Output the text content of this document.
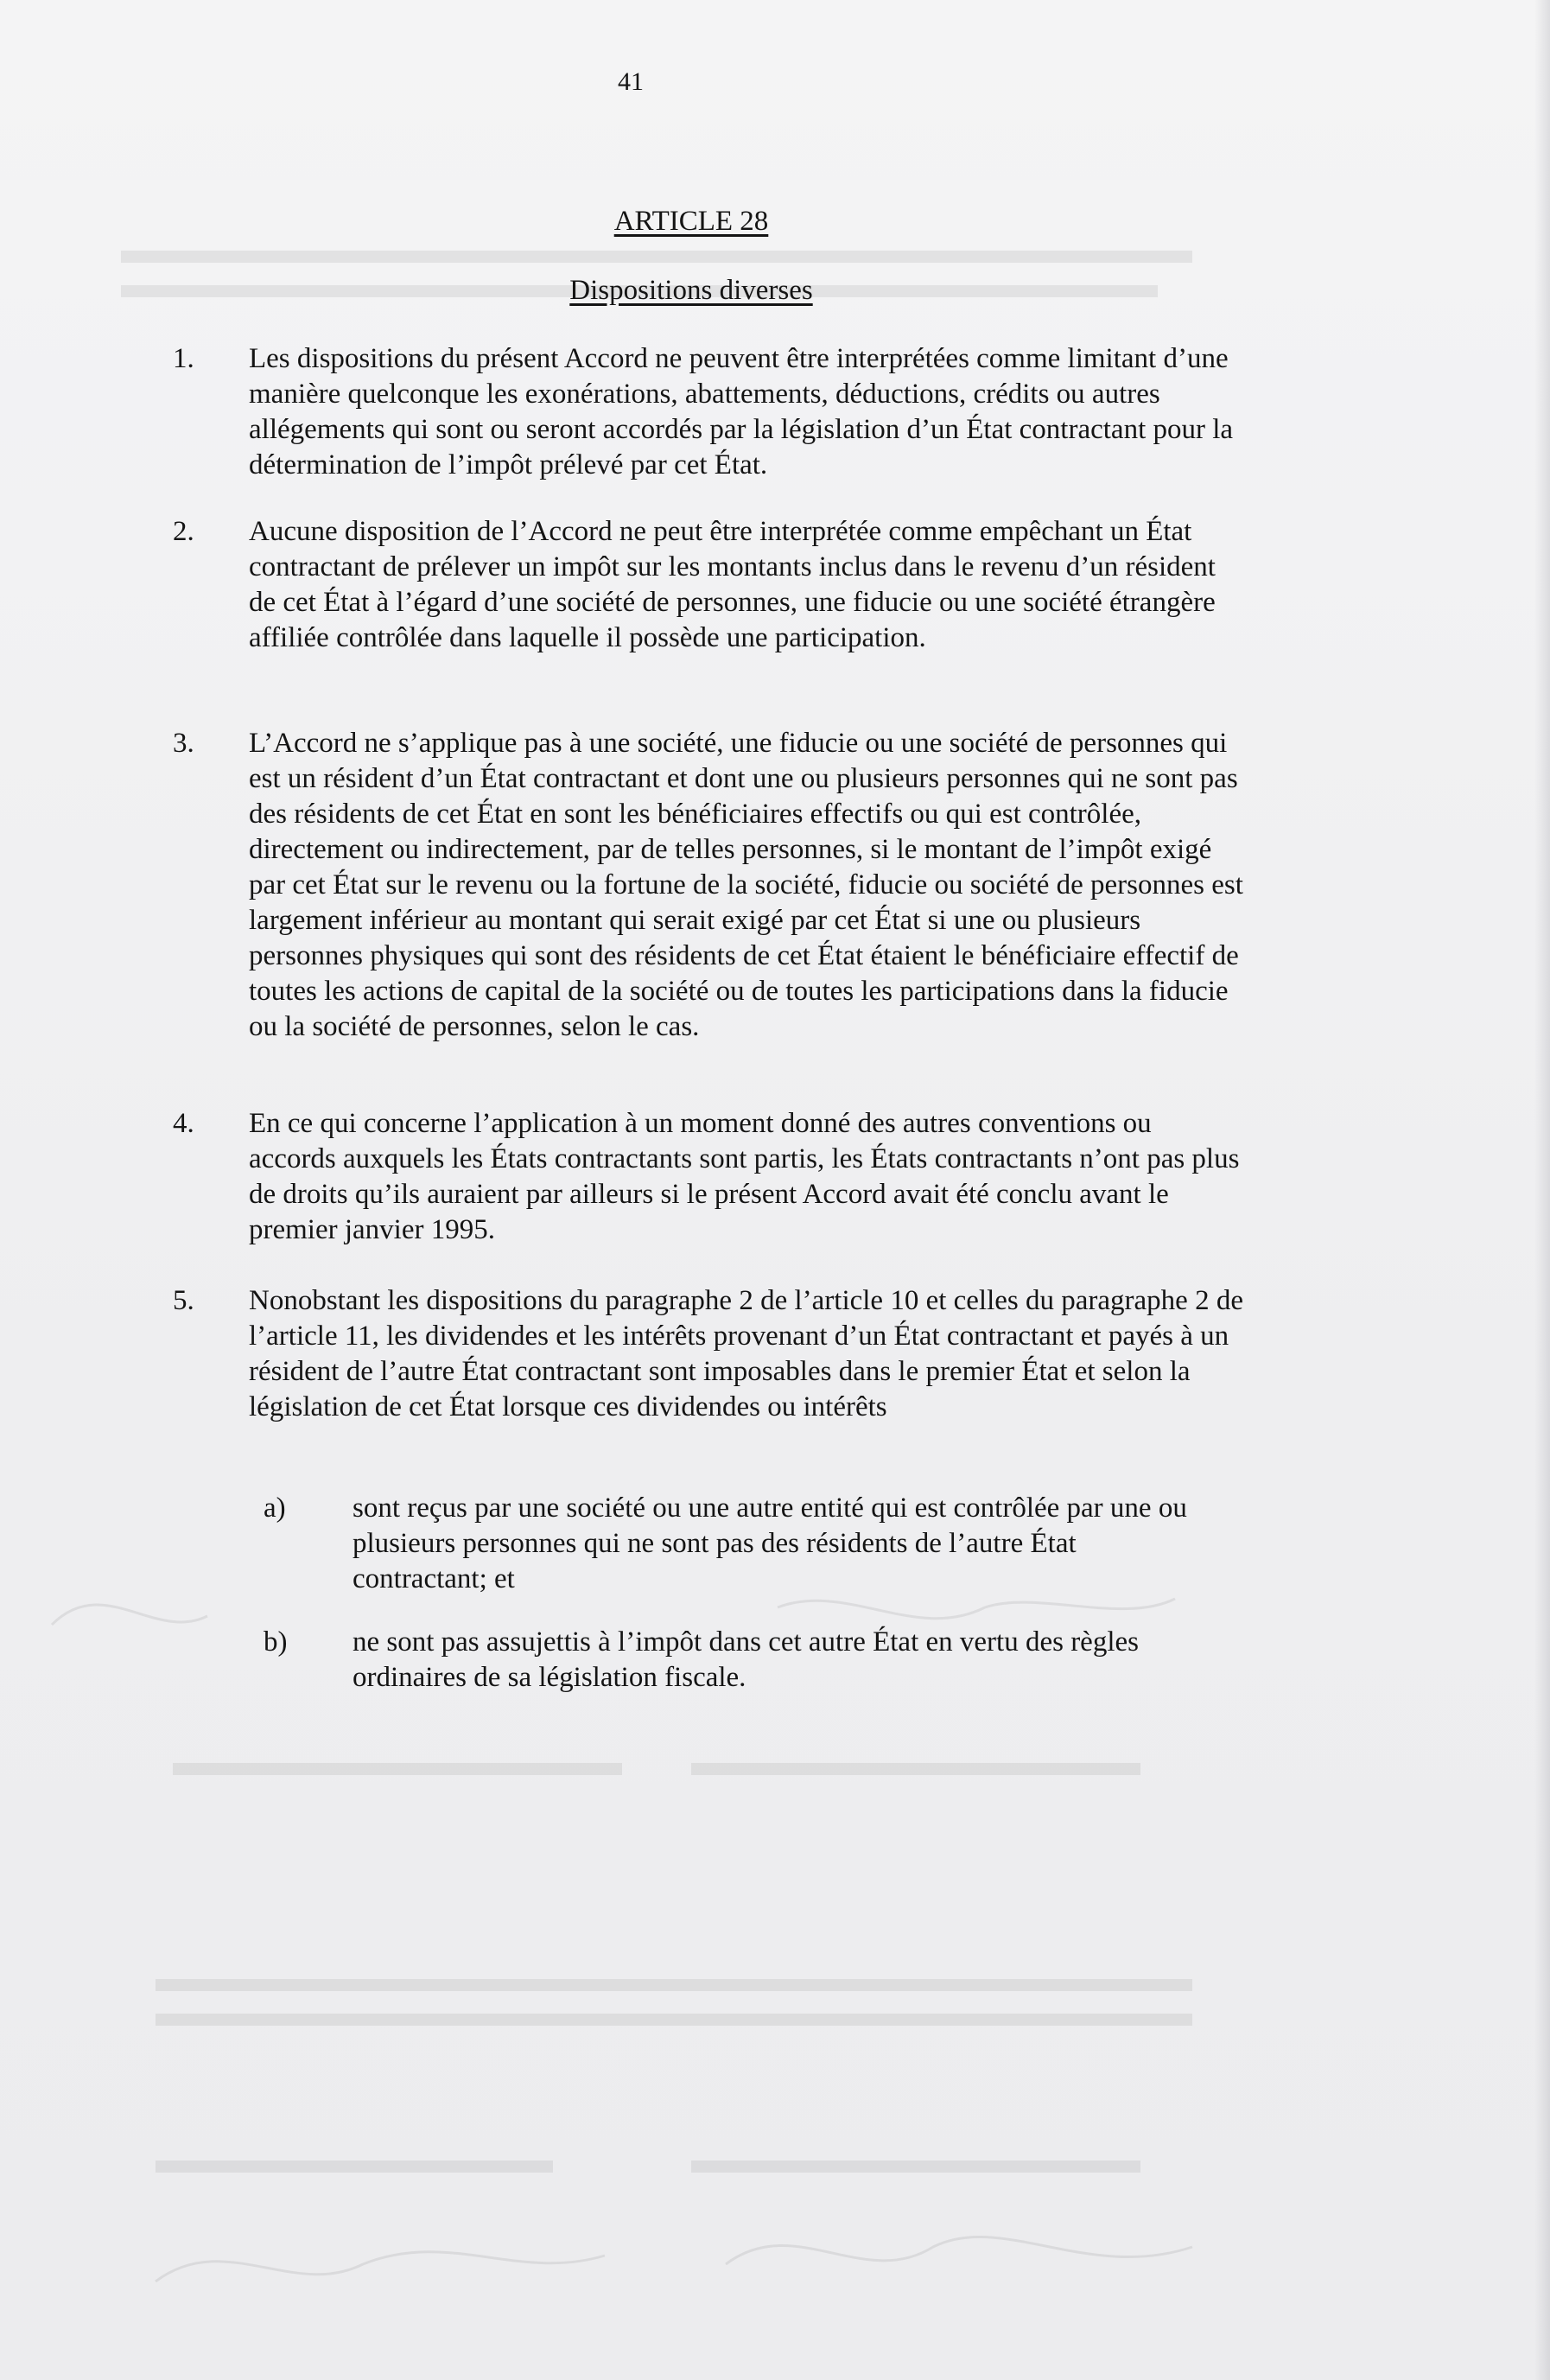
41
ARTICLE 28
Dispositions diverses
1.	Les dispositions du présent Accord ne peuvent être interprétées comme limitant d’une manière quelconque les exonérations, abattements, déductions, crédits ou autres allégements qui sont ou seront accordés par la législation d’un État contractant pour la détermination de l’impôt prélevé par cet État.
2.	Aucune disposition de l’Accord ne peut être interprétée comme empêchant un État contractant de prélever un impôt sur les montants inclus dans le revenu d’un résident de cet État à l’égard d’une société de personnes, une fiducie ou une société étrangère affiliée contrôlée dans laquelle il possède une participation.
3.	L’Accord ne s’applique pas à une société, une fiducie ou une société de personnes qui est un résident d’un État contractant et dont une ou plusieurs personnes qui ne sont pas des résidents de cet État en sont les bénéficiaires effectifs ou qui est contrôlée, directement ou indirectement, par de telles personnes, si le montant de l’impôt exigé par cet État sur le revenu ou la fortune de la société, fiducie ou société de personnes est largement inférieur au montant qui serait exigé par cet État si une ou plusieurs personnes physiques qui sont des résidents de cet État étaient le bénéficiaire effectif de toutes les actions de capital de la société ou de toutes les participations dans la fiducie ou la société de personnes, selon le cas.
4.	En ce qui concerne l’application à un moment donné des autres conventions ou accords auxquels les États contractants sont partis, les États contractants n’ont pas plus de droits qu’ils auraient par ailleurs si le présent Accord avait été conclu avant le premier janvier 1995.
5.	Nonobstant les dispositions du paragraphe 2 de l’article 10 et celles du paragraphe 2 de l’article 11, les dividendes et les intérêts provenant d’un État contractant et payés à un résident de l’autre État contractant sont imposables dans le premier État et selon la législation de cet État lorsque ces dividendes ou intérêts
a) sont reçus par une société ou une autre entité qui est contrôlée par une ou plusieurs personnes qui ne sont pas des résidents de l’autre État contractant; et
b) ne sont pas assujettis à l’impôt dans cet autre État en vertu des règles ordinaires de sa législation fiscale.
